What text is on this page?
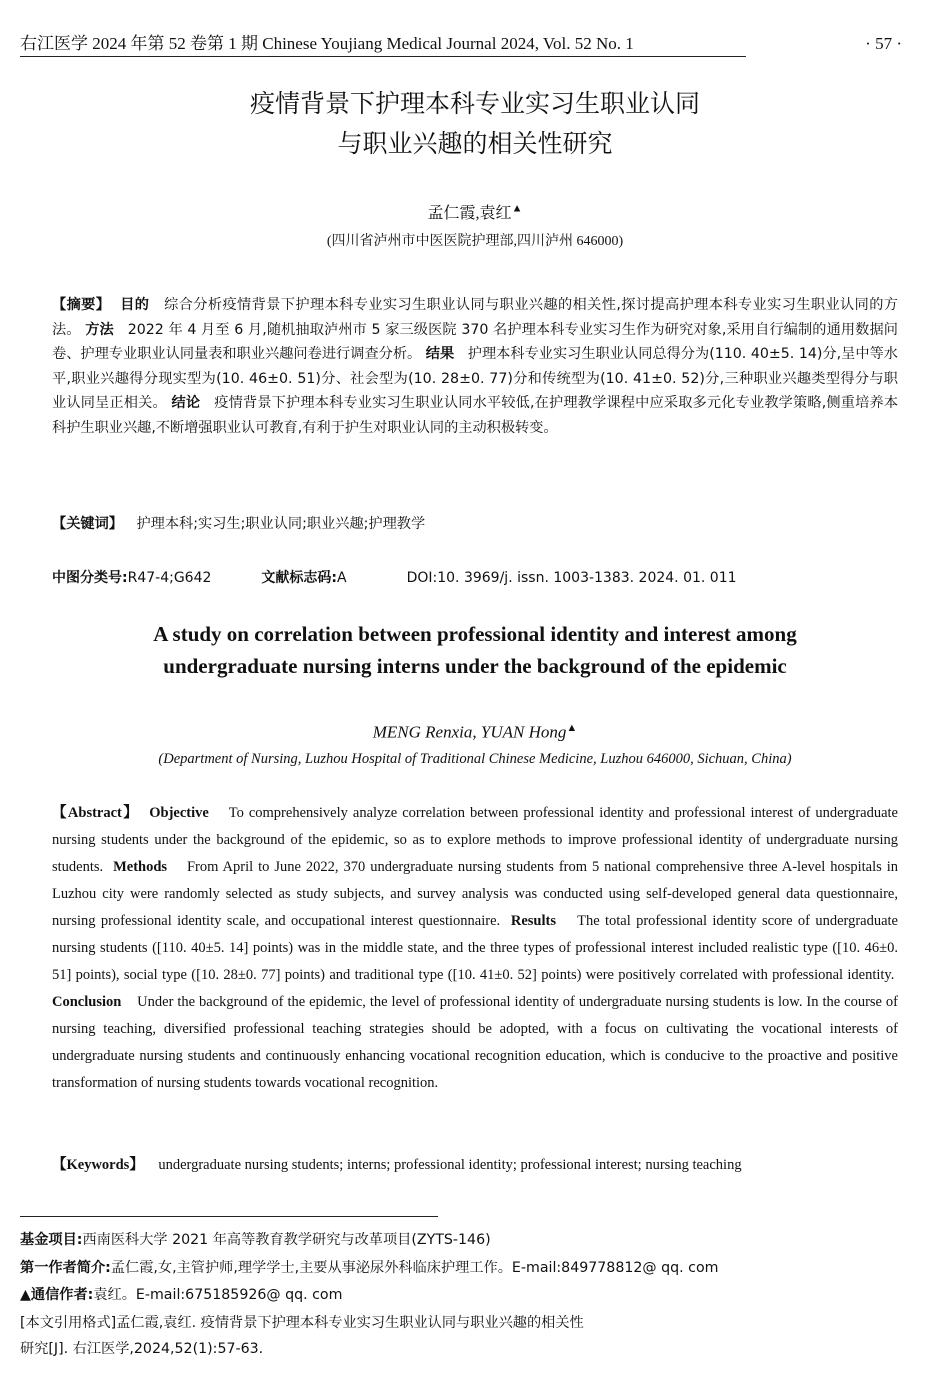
右江医学 2024 年第 52 卷第 1 期 Chinese Youjiang Medical Journal 2024, Vol. 52 No. 1	· 57 ·
疫情背景下护理本科专业实习生职业认同
与职业兴趣的相关性研究
孟仁霞,袁红▲
(四川省泸州市中医医院护理部,四川泸州 646000)
【摘要】 目的 综合分析疫情背景下护理本科专业实习生职业认同与职业兴趣的相关性,探讨提高护理本科专业实习生职业认同的方法。 方法 2022 年 4 月至 6 月,随机抽取泸州市 5 家三级医院 370 名护理本科专业实习生作为研究对象,采用自行编制的通用数据问卷、护理专业职业认同量表和职业兴趣问卷进行调查分析。 结果 护理本科专业实习生职业认同总得分为(110. 40±5. 14)分,呈中等水平,职业兴趣得分现实型为(10. 46±0. 51)分、社会型为(10. 28±0. 77)分和传统型为(10. 41±0. 52)分,三种职业兴趣类型得分与职业认同呈正相关。 结论 疫情背景下护理本科专业实习生职业认同水平较低,在护理教学课程中应采取多元化专业教学策略,侧重培养本科护生职业兴趣,不断增强职业认可教育,有利于护生对职业认同的主动积极转变。
【关键词】 护理本科;实习生;职业认同;职业兴趣;护理教学
中图分类号:R47-4;G642	文献标志码:A	DOI:10. 3969/j. issn. 1003-1383. 2024. 01. 011
A study on correlation between professional identity and interest among
undergraduate nursing interns under the background of the epidemic
MENG Renxia, YUAN Hong▲
(Department of Nursing, Luzhou Hospital of Traditional Chinese Medicine, Luzhou 646000, Sichuan, China)
【Abstract】 Objective To comprehensively analyze correlation between professional identity and professional interest of undergraduate nursing students under the background of the epidemic, so as to explore methods to improve professional identity of undergraduate nursing students. Methods From April to June 2022, 370 undergraduate nursing students from 5 national comprehensive three A-level hospitals in Luzhou city were randomly selected as study subjects, and survey analysis was conducted using self-developed general data questionnaire, nursing professional identity scale, and occupational interest questionnaire. Results The total professional identity score of undergraduate nursing students ([110. 40±5. 14] points) was in the middle state, and the three types of professional interest included realistic type ([10. 46±0. 51] points), social type ([10. 28±0. 77] points) and traditional type ([10. 41±0. 52] points) were positively correlated with professional identity.  Conclusion Under the background of the epidemic, the level of professional identity of undergraduate nursing students is low. In the course of nursing teaching, diversified professional teaching strategies should be adopted, with a focus on cultivating the vocational interests of undergraduate nursing students and continuously enhancing vocational recognition education, which is conducive to the proactive and positive transformation of nursing students towards vocational recognition.
【Keywords】 undergraduate nursing students; interns; professional identity; professional interest; nursing teaching
基金项目:西南医科大学 2021 年高等教育教学研究与改革项目(ZYTS-146)
第一作者简介:孟仁霞,女,主管护师,理学学士,主要从事泌尿外科临床护理工作。E-mail:849778812@ qq. com
▲通信作者:袁红。E-mail:675185926@ qq. com
[本文引用格式]孟仁霞,袁红. 疫情背景下护理本科专业实习生职业认同与职业兴趣的相关性
研究[J]. 右江医学,2024,52(1):57-63.
